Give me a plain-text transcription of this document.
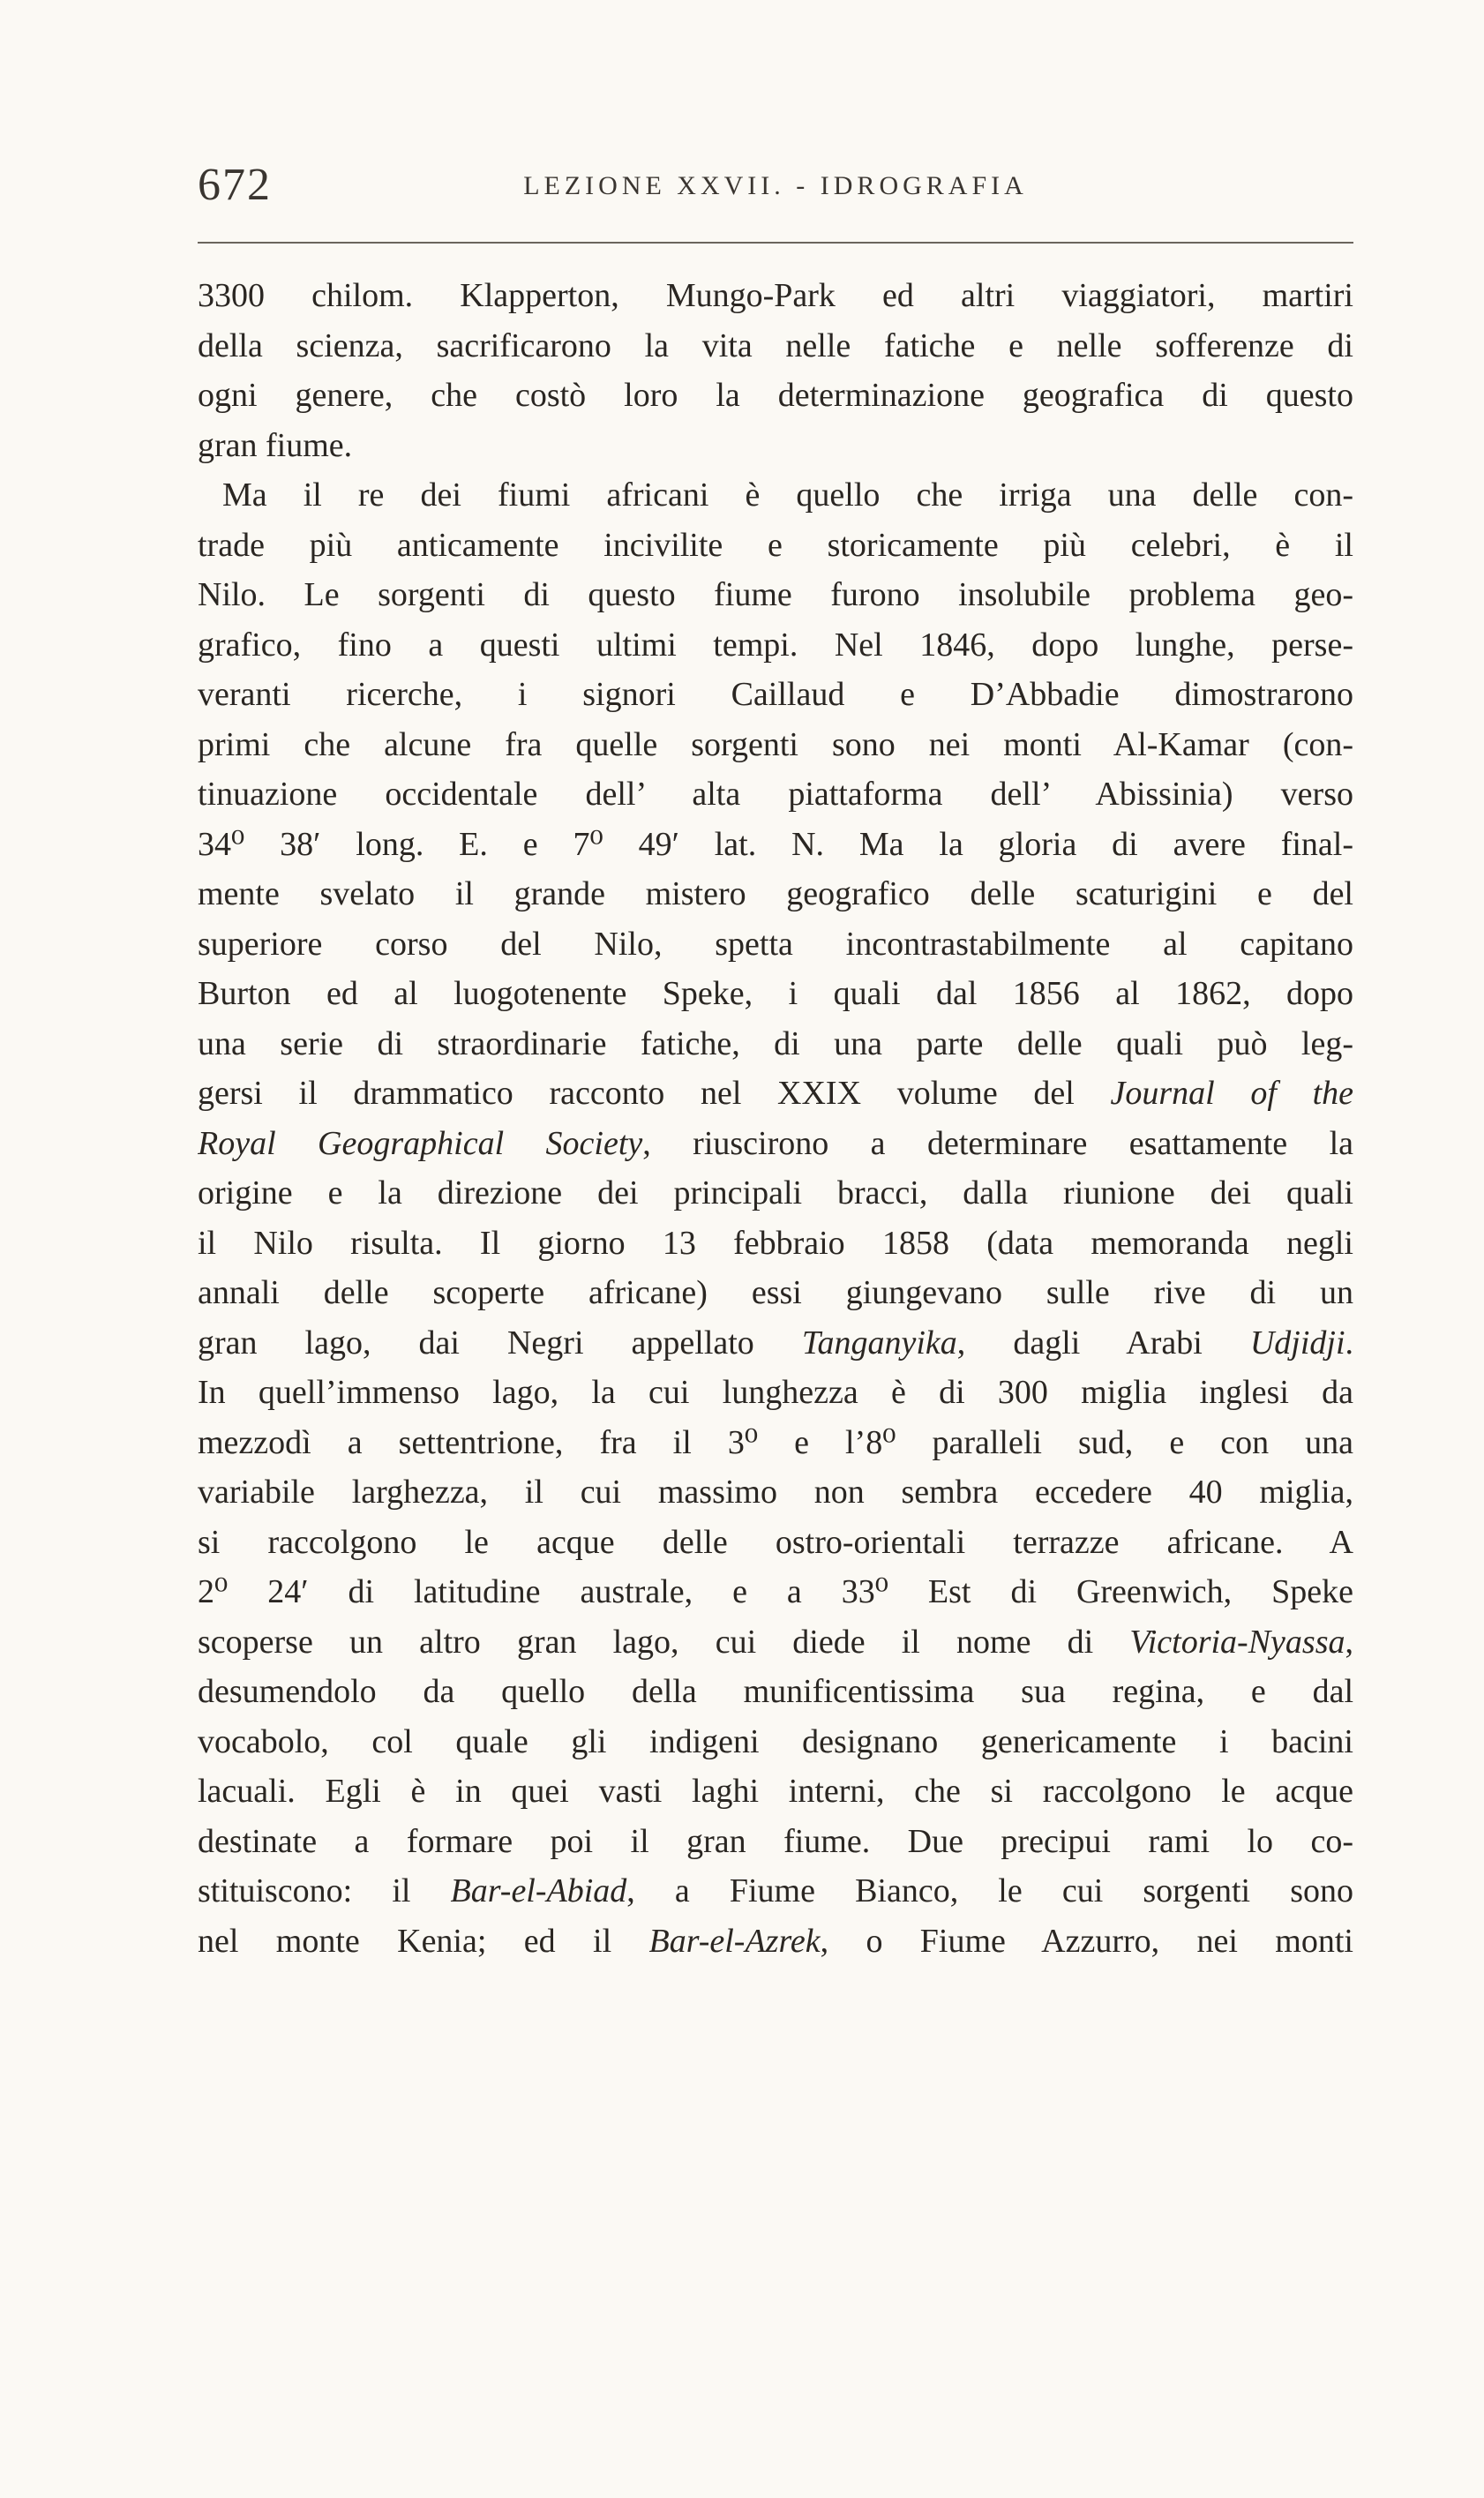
672	LEZIONE XXVII. - IDROGRAFIA
3300 chilom. Klapperton, Mungo-Park ed altri viaggiatori, martiri
della scienza, sacrificarono la vita nelle fatiche e nelle sofferenze di
ogni genere, che costò loro la determinazione geografica di questo
gran fiume.
Ma il re dei fiumi africani è quello che irriga una delle con-
trade più anticamente incivilite e storicamente più celebri, è il
Nilo. Le sorgenti di questo fiume furono insolubile problema geo-
grafico, fino a questi ultimi tempi. Nel 1846, dopo lunghe, perse-
veranti ricerche, i signori Caillaud e D’Abbadie dimostrarono
primi che alcune fra quelle sorgenti sono nei monti Al-Kamar (con-
tinuazione occidentale dell’ alta piattaforma dell’ Abissinia) verso
34⁰ 38′ long. E. e 7⁰ 49′ lat. N. Ma la gloria di avere final-
mente svelato il grande mistero geografico delle scaturigini e del
superiore corso del Nilo, spetta incontrastabilmente al capitano
Burton ed al luogotenente Speke, i quali dal 1856 al 1862, dopo
una serie di straordinarie fatiche, di una parte delle quali può leg-
gersi il drammatico racconto nel XXIX volume del Journal of the
Royal Geographical Society, riuscirono a determinare esattamente la
origine e la direzione dei principali bracci, dalla riunione dei quali
il Nilo risulta. Il giorno 13 febbraio 1858 (data memoranda negli
annali delle scoperte africane) essi giungevano sulle rive di un
gran lago, dai Negri appellato Tanganyika, dagli Arabi Udjidji.
In quell’immenso lago, la cui lunghezza è di 300 miglia inglesi da
mezzodì a settentrione, fra il 3⁰ e l’8⁰ paralleli sud, e con una
variabile larghezza, il cui massimo non sembra eccedere 40 miglia,
si raccolgono le acque delle ostro-orientali terrazze africane. A
2⁰ 24′ di latitudine australe, e a 33⁰ Est di Greenwich, Speke
scoperse un altro gran lago, cui diede il nome di Victoria-Nyassa,
desumendolo da quello della munificentissima sua regina, e dal
vocabolo, col quale gli indigeni designano genericamente i bacini
lacuali. Egli è in quei vasti laghi interni, che si raccolgono le acque
destinate a formare poi il gran fiume. Due precipui rami lo co-
stituiscono: il Bar-el-Abiad, a Fiume Bianco, le cui sorgenti sono
nel monte Kenia; ed il Bar-el-Azrek, o Fiume Azzurro, nei monti
